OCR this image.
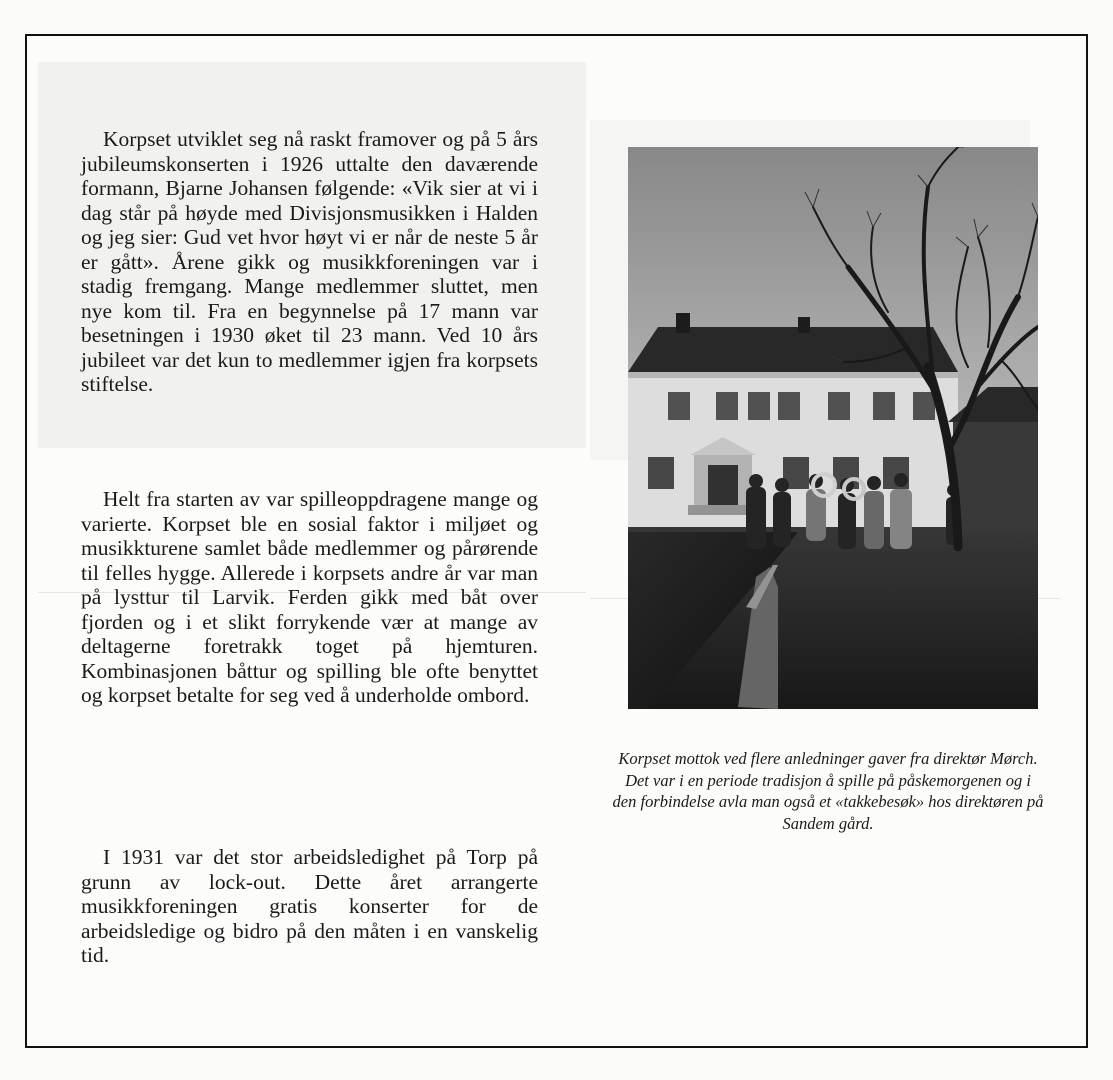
Korpset utviklet seg nå raskt framover og på 5 års jubileumskonserten i 1926 uttalte den daværende formann, Bjarne Johansen følgende: «Vik sier at vi i dag står på høyde med Divisjonsmusikken i Halden og jeg sier: Gud vet hvor høyt vi er når de neste 5 år er gått». Årene gikk og musikkforeningen var i stadig fremgang. Mange medlemmer sluttet, men nye kom til. Fra en begynnelse på 17 mann var besetningen i 1930 øket til 23 mann. Ved 10 års jubileet var det kun to medlemmer igjen fra korpsets stiftelse.

Helt fra starten av var spilleoppdragene mange og varierte. Korpset ble en sosial faktor i miljøet og musikkturene samlet både medlemmer og pårørende til felles hygge. Allerede i korpsets andre år var man på lysttur til Larvik. Ferden gikk med båt over fjorden og i et slikt forrykende vær at mange av deltagerne foretrakk toget på hjemturen. Kombinasjonen båttur og spilling ble ofte benyttet og korpset betalte for seg ved å underholde ombord.

I 1931 var det stor arbeidsledighet på Torp på grunn av lock-out. Dette året arrangerte musikkforeningen gratis konserter for de arbeidsledige og bidro på den måten i en vanskelig tid.

Korpset mottok ved flere anledninger gaver fra direktør Mørch. Det var i en periode tradisjon å spille på påskemorgenen og i den forbindelse avla man også et «takkebesøk» hos direktøren på Sandem gård.
